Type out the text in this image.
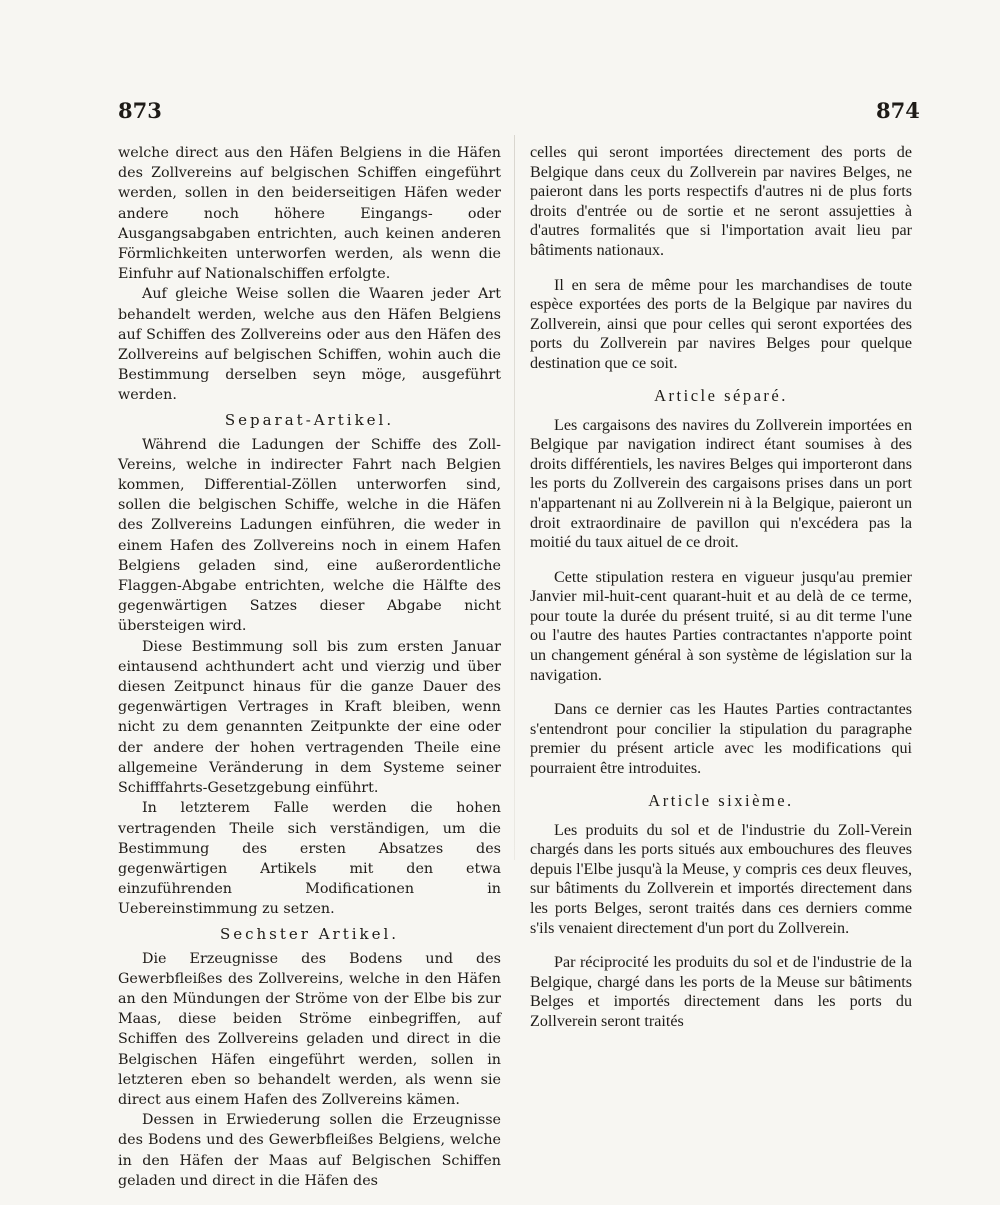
873	874

welche direct aus den Häfen Belgiens in die Häfen des Zollvereins auf belgischen Schiffen eingeführt werden, sollen in den beiderseitigen Häfen weder andere noch höhere Eingangs- oder Ausgangsabgaben entrichten, auch keinen anderen Förmlichkeiten unterworfen werden, als wenn die Einfuhr auf Nationalschiffen erfolgte.

Auf gleiche Weise sollen die Waaren jeder Art behandelt werden, welche aus den Häfen Belgiens auf Schiffen des Zollvereins oder aus den Häfen des Zollvereins auf belgischen Schiffen, wohin auch die Bestimmung derselben seyn möge, ausgeführt werden.

Separat-Artikel.

Während die Ladungen der Schiffe des Zoll-Vereins, welche in indirecter Fahrt nach Belgien kommen, Differential-Zöllen unterworfen sind, sollen die belgischen Schiffe, welche in die Häfen des Zollvereins Ladungen einführen, die weder in einem Hafen des Zollvereins noch in einem Hafen Belgiens geladen sind, eine außerordentliche Flaggen-Abgabe entrichten, welche die Hälfte des gegenwärtigen Satzes dieser Abgabe nicht übersteigen wird.

Diese Bestimmung soll bis zum ersten Januar eintausend achthundert acht und vierzig und über diesen Zeitpunct hinaus für die ganze Dauer des gegenwärtigen Vertrages in Kraft bleiben, wenn nicht zu dem genannten Zeitpunkte der eine oder der andere der hohen vertragenden Theile eine allgemeine Veränderung in dem Systeme seiner Schifffahrts-Gesetzgebung einführt.

In letzterem Falle werden die hohen vertragenden Theile sich verständigen, um die Bestimmung des ersten Absatzes des gegenwärtigen Artikels mit den etwa einzuführenden Modificationen in Uebereinstimmung zu setzen.

Sechster Artikel.

Die Erzeugnisse des Bodens und des Gewerbfleißes des Zollvereins, welche in den Häfen an den Mündungen der Ströme von der Elbe bis zur Maas, diese beiden Ströme einbegriffen, auf Schiffen des Zollvereins geladen und direct in die Belgischen Häfen eingeführt werden, sollen in letzteren eben so behandelt werden, als wenn sie direct aus einem Hafen des Zollvereins kämen.

Dessen in Erwiederung sollen die Erzeugnisse des Bodens und des Gewerbfleißes Belgiens, welche in den Häfen der Maas auf Belgischen Schiffen geladen und direct in die Häfen des

celles qui seront importées directement des ports de Belgique dans ceux du Zollverein par navires Belges, ne paieront dans les ports respectifs d'autres ni de plus forts droits d'entrée ou de sortie et ne seront assujetties à d'autres formalités que si l'importation avait lieu par bâtiments nationaux.

Il en sera de même pour les marchandises de toute espèce exportées des ports de la Belgique par navires du Zollverein, ainsi que pour celles qui seront exportées des ports du Zollverein par navires Belges pour quelque destination que ce soit.

Article séparé.

Les cargaisons des navires du Zollverein importées en Belgique par navigation indirect étant soumises à des droits différentiels, les navires Belges qui importeront dans les ports du Zollverein des cargaisons prises dans un port n'appartenant ni au Zollverein ni à la Belgique, paieront un droit extraordinaire de pavillon qui n'excédera pas la moitié du taux aituel de ce droit.

Cette stipulation restera en vigueur jusqu'au premier Janvier mil-huit-cent quarant-huit et au delà de ce terme, pour toute la durée du présent truité, si au dit terme l'une ou l'autre des hautes Parties contractantes n'apporte point un changement général à son système de législation sur la navigation.

Dans ce dernier cas les Hautes Parties contractantes s'entendront pour concilier la stipulation du paragraphe premier du présent article avec les modifications qui pourraient être introduites.

Article sixième.

Les produits du sol et de l'industrie du Zoll-Verein chargés dans les ports situés aux embouchures des fleuves depuis l'Elbe jusqu'à la Meuse, y compris ces deux fleuves, sur bâtiments du Zollverein et importés directement dans les ports Belges, seront traités dans ces derniers comme s'ils venaient directement d'un port du Zollverein.

Par réciprocité les produits du sol et de l'industrie de la Belgique, chargé dans les ports de la Meuse sur bâtiments Belges et importés directement dans les ports du Zollverein seront traités
